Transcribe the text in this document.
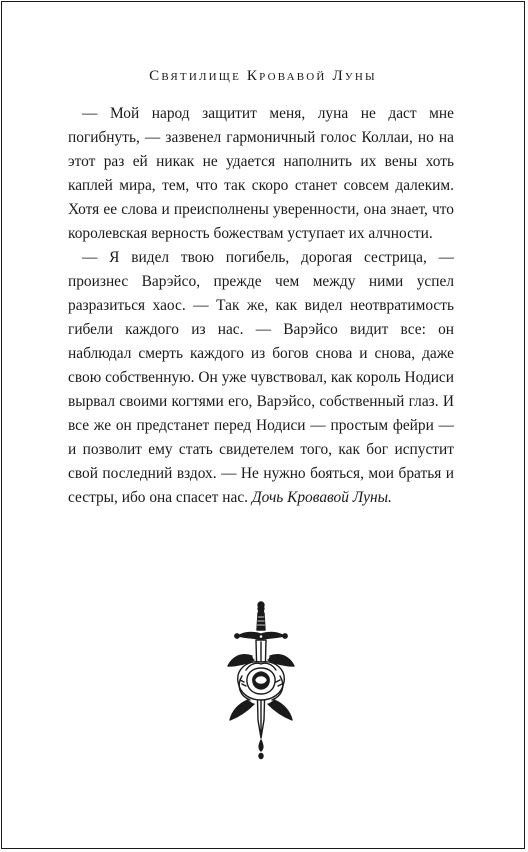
Святилище Кровавой Луны

— Мой народ защитит меня, луна не даст мне погибнуть, — зазвенел гармоничный голос Коллаи, но на этот раз ей никак не удается наполнить их вены хоть каплей мира, тем, что так скоро станет совсем далеким. Хотя ее слова и преисполнены уверенности, она знает, что королевская верность божествам уступает их алчности.

— Я видел твою погибель, дорогая сестрица, — произнес Варэйсо, прежде чем между ними успел разразиться хаос. — Так же, как видел неотвратимость гибели каждого из нас. — Варэйсо видит все: он наблюдал смерть каждого из богов снова и снова, даже свою собственную. Он уже чувствовал, как король Нодиси вырвал своими когтями его, Варэйсо, собственный глаз. И все же он предстанет перед Нодиси — простым фейри — и позволит ему стать свидетелем того, как бог испустит свой последний вздох. — Не нужно бояться, мои братья и сестры, ибо она спасет нас. Дочь Кровавой Луны.
